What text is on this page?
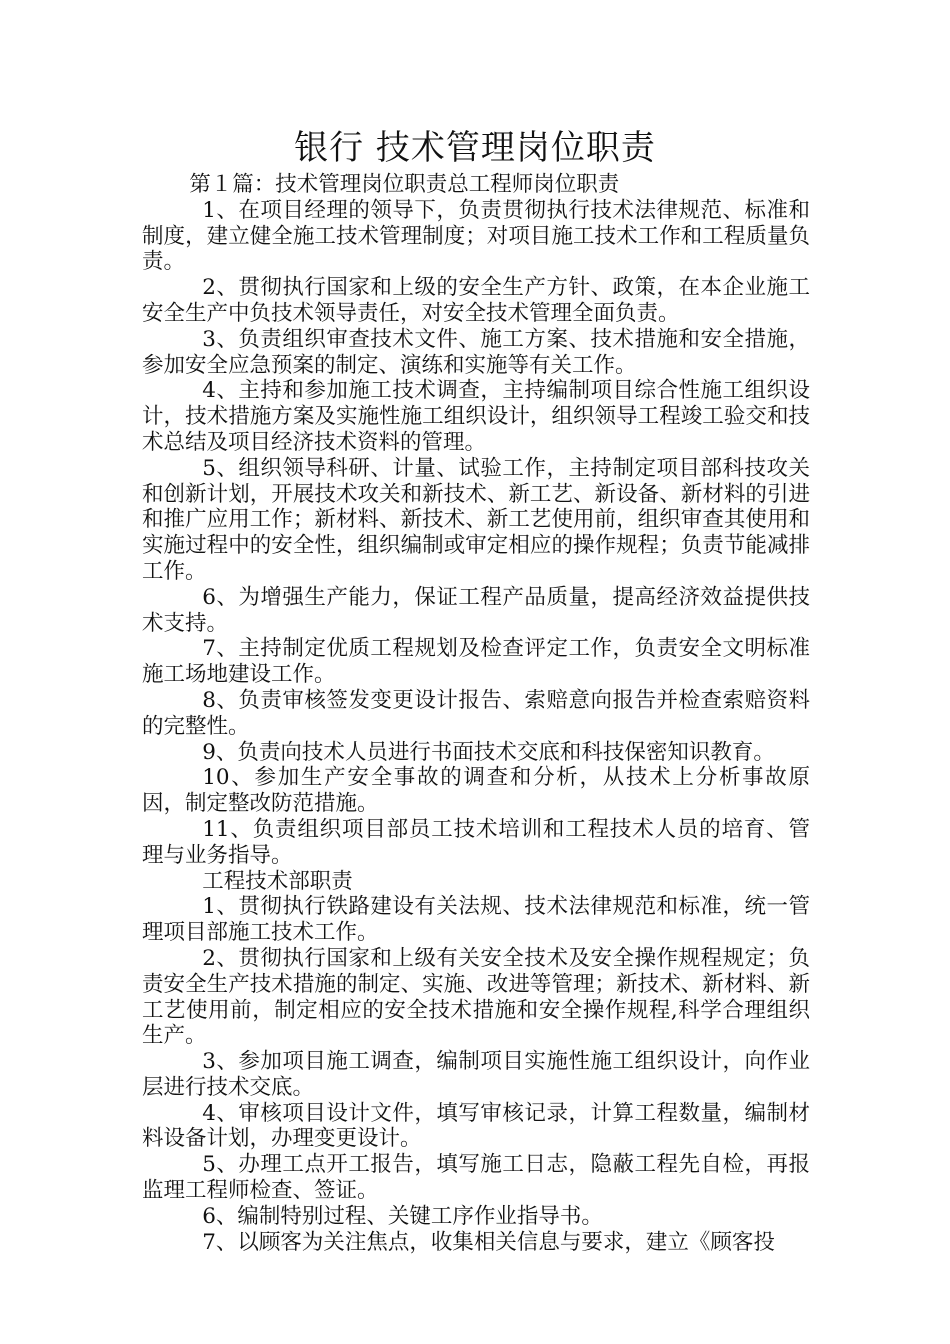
银行 技术管理岗位职责

第１篇：技术管理岗位职责总工程师岗位职责

1、在项目经理的领导下，负责贯彻执行技术法律规范、标准和制度，建立健全施工技术管理制度；对项目施工技术工作和工程质量负责。

2、贯彻执行国家和上级的安全生产方针、政策，在本企业施工安全生产中负技术领导责任，对安全技术管理全面负责。

3、负责组织审查技术文件、施工方案、技术措施和安全措施，参加安全应急预案的制定、演练和实施等有关工作。

4、主持和参加施工技术调查，主持编制项目综合性施工组织设计，技术措施方案及实施性施工组织设计，组织领导工程竣工验交和技术总结及项目经济技术资料的管理。

5、组织领导科研、计量、试验工作，主持制定项目部科技攻关和创新计划，开展技术攻关和新技术、新工艺、新设备、新材料的引进和推广应用工作；新材料、新技术、新工艺使用前，组织审查其使用和实施过程中的安全性，组织编制或审定相应的操作规程；负责节能减排工作。

6、为增强生产能力，保证工程产品质量，提高经济效益提供技术支持。

7、主持制定优质工程规划及检查评定工作，负责安全文明标准施工场地建设工作。

8、负责审核签发变更设计报告、索赔意向报告并检查索赔资料的完整性。

9、负责向技术人员进行书面技术交底和科技保密知识教育。

10、参加生产安全事故的调查和分析，从技术上分析事故原因，制定整改防范措施。

11、负责组织项目部员工技术培训和工程技术人员的培育、管理与业务指导。

工程技术部职责

1、贯彻执行铁路建设有关法规、技术法律规范和标准，统一管理项目部施工技术工作。

2、贯彻执行国家和上级有关安全技术及安全操作规程规定；负责安全生产技术措施的制定、实施、改进等管理；新技术、新材料、新工艺使用前，制定相应的安全技术措施和安全操作规程,科学合理组织生产。

3、参加项目施工调查，编制项目实施性施工组织设计，向作业层进行技术交底。

4、审核项目设计文件，填写审核记录，计算工程数量，编制材料设备计划，办理变更设计。

5、办理工点开工报告，填写施工日志，隐蔽工程先自检，再报监理工程师检查、签证。

6、编制特别过程、关键工序作业指导书。

7、以顾客为关注焦点，收集相关信息与要求，建立《顾客投
